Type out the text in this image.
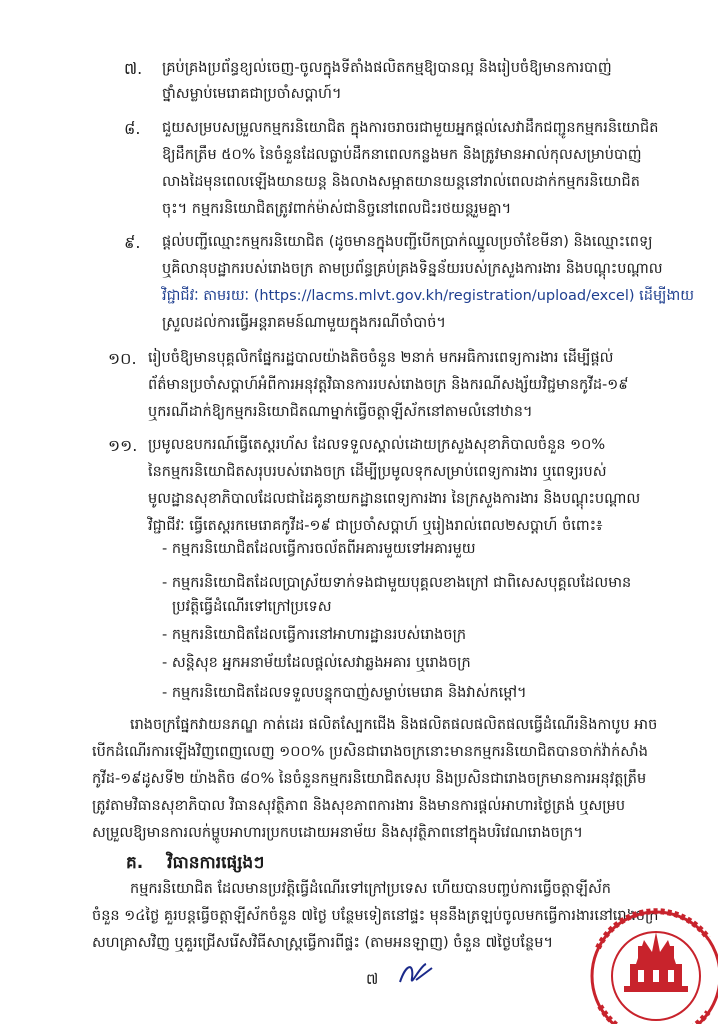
៧. គ្រប់គ្រងប្រព័ន្ធខ្យល់ចេញ-ចូលក្នុងទីតាំងផលិតកម្មឱ្យបានល្អ និងរៀបចំឱ្យមានការបាញ់
ថ្នាំសម្លាប់មេរោគជាប្រចាំសប្ដាហ៍។
៨. ជួយសម្របសម្រួលកម្មករនិយោជិត ក្នុងការចរាចរជាមួយអ្នកផ្ដល់សេវាដឹកជញ្ជូនកម្មករនិយោជិត
ឱ្យដឹកត្រឹម ៥០% នៃចំនួនដែលធ្លាប់ដឹកនាពេលកន្លងមក និងត្រូវមានអាល់កុលសម្រាប់បាញ់
លាងដៃមុនពេលឡើងយានយន្ត និងលាងសម្អាតយានយន្តនៅរាល់ពេលដាក់កម្មករនិយោជិត
ចុះ។ កម្មករនិយោជិតត្រូវពាក់ម៉ាស់ជានិច្ចនៅពេលជិះរថយន្តរួមគ្នា។
៩. ផ្ដល់បញ្ជីឈ្មោះកម្មករនិយោជិត (ដូចមានក្នុងបញ្ជីបើកប្រាក់ឈ្នួលប្រចាំខែមីនា) និងឈ្មោះពេទ្យ
ឬគិលានុបដ្ឋាករបស់រោងចក្រ តាមប្រព័ន្ធគ្រប់គ្រងទិន្នន័យរបស់ក្រសួងការងារ និងបណ្ដុះបណ្ដាល
វិជ្ជាជីវៈ តាមរយៈ (https://lacms.mlvt.gov.kh/registration/upload/excel) ដើម្បីងាយ
ស្រួលដល់ការធ្វើអន្តរាគមន៍ណាមួយក្នុងករណីចាំបាច់។
១០. រៀបចំឱ្យមានបុគ្គលិកផ្នែករដ្ឋបាលយ៉ាងតិចចំនួន ២នាក់ មកអធិការពេទ្យការងារ ដើម្បីផ្ដល់
ព័ត៌មានប្រចាំសប្ដាហ៍អំពីការអនុវត្តវិធានការរបស់រោងចក្រ និងករណីសង្ស័យវិជ្ជមានកូវីដ-១៩
ឬករណីដាក់ឱ្យកម្មករនិយោជិតណាម្នាក់ធ្វើចត្តាឡីស័កនៅតាមលំនៅឋាន។
១១. ប្រមូលឧបករណ៍ធ្វើតេស្តរហ័ស ដែលទទួលស្គាល់ដោយក្រសួងសុខាភិបាលចំនួន ១០%
នៃកម្មករនិយោជិតសរុបរបស់រោងចក្រ ដើម្បីប្រមូលទុកសម្រាប់ពេទ្យការងារ ឬពេទ្យរបស់
មូលដ្ឋានសុខាភិបាលដែលជាដៃគូនាយកដ្ឋានពេទ្យការងារ នៃក្រសួងការងារ និងបណ្ដុះបណ្ដាល
វិជ្ជាជីវៈ ធ្វើតេស្តរកមេរោគកូវីដ-១៩ ជាប្រចាំសប្ដាហ៍ ឬរៀងរាល់ពេល២សប្ដាហ៍ ចំពោះ៖
- កម្មករនិយោជិតដែលធ្វើការចល័តពីអគារមួយទៅអគារមួយ
- កម្មករនិយោជិតដែលប្រាស្រ័យទាក់ទងជាមួយបុគ្គលខាងក្រៅ ជាពិសេសបុគ្គលដែលមាន
ប្រវត្តិធ្វើដំណើរទៅក្រៅប្រទេស
- កម្មករនិយោជិតដែលធ្វើការនៅអាហារដ្ឋានរបស់រោងចក្រ
- សន្ដិសុខ អ្នកអនាម័យដែលផ្ដល់សេវាឆ្លងអគារ ឬរោងចក្រ
- កម្មករនិយោជិតដែលទទួលបន្ទុកបាញ់សម្លាប់មេរោគ និងវាស់កម្ដៅ។
រោងចក្រផ្នែកវាយនភណ្ឌ កាត់ដេរ ផលិតស្បែកជើង និងផលិតផលផលិតផលធ្វើដំណើរនិងកាបូប អាច
បើកដំណើរការឡើងវិញពេញលេញ ១០០% ប្រសិនជារោងចក្រនោះមានកម្មករនិយោជិតបានចាក់វ៉ាក់សាំង
កូវីដ-១៩ដូសទី២ យ៉ាងតិច ៨០% នៃចំនួនកម្មករនិយោជិតសរុប និងប្រសិនជារោងចក្រមានការអនុវត្តត្រឹម
ត្រូវតាមវិធានសុខាភិបាល វិធានសុវត្ថិភាព និងសុខភាពការងារ និងមានការផ្ដល់អាហារថ្ងៃត្រង់ ឬសម្រប
សម្រួលឱ្យមានការលក់ម្ហូបអាហារប្រកបដោយអនាម័យ និងសុវត្ថិភាពនៅក្នុងបរិវេណរោងចក្រ។
គ. វិធានការផ្សេងៗ
កម្មករនិយោជិត ដែលមានប្រវត្តិធ្វើដំណើរទៅក្រៅប្រទេស ហើយបានបញ្ចប់ការធ្វើចត្តាឡីស័ក
ចំនួន ១៤ថ្ងៃ គួរបន្តធ្វើចត្តាឡីស័កចំនួន ៧ថ្ងៃ បន្ថែមទៀតនៅផ្ទះ មុននឹងត្រឡប់ចូលមកធ្វើការងារនៅរោងចក្រ
សហគ្រាសវិញ ឬគួរជ្រើសរើសវិធីសាស្ត្រធ្វើការពីផ្ទះ (តាមអនឡាញ) ចំនួន ៧ថ្ងៃបន្ថែម។
៧
